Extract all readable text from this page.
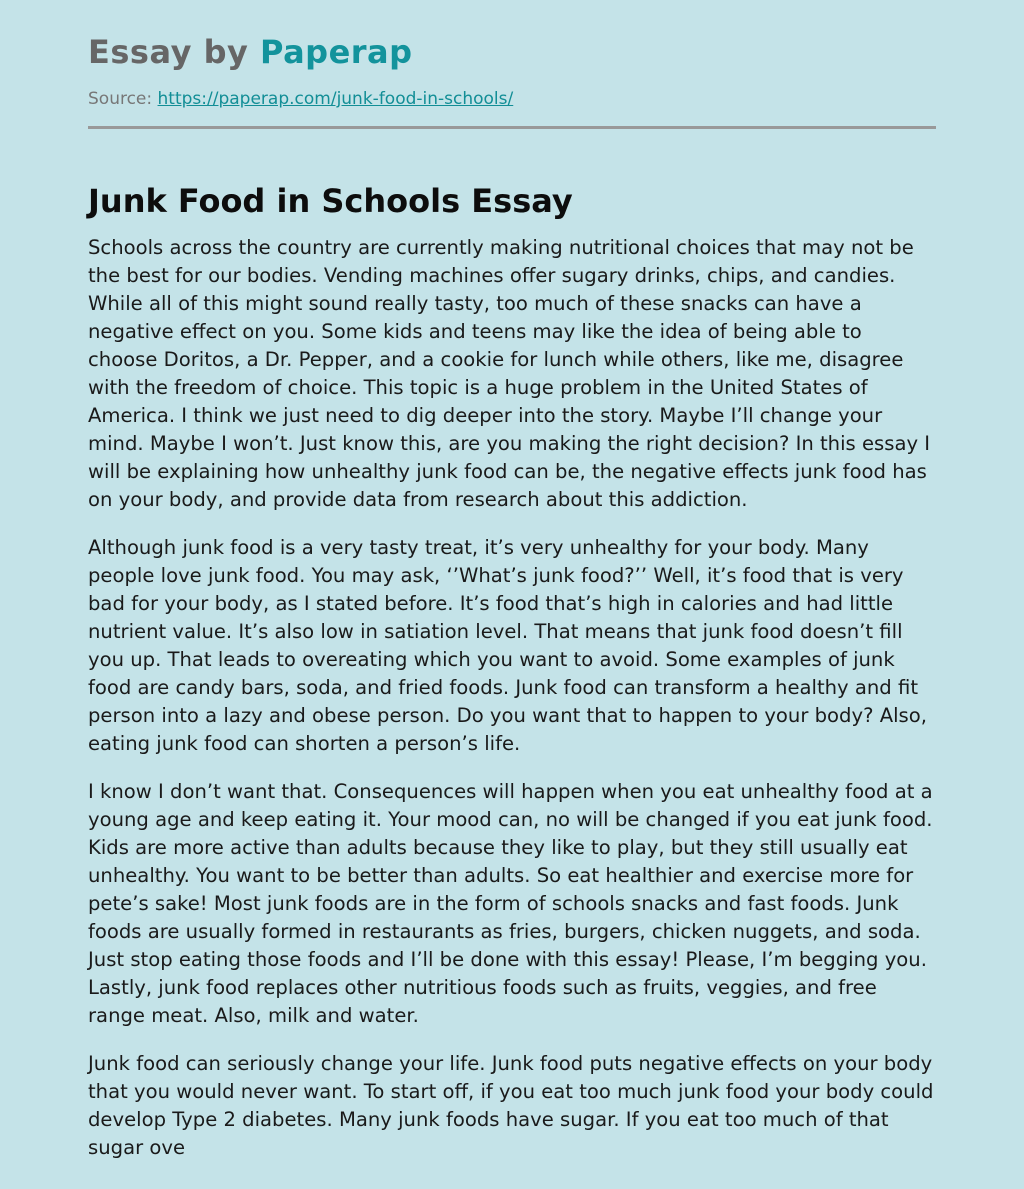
Essay by Paperap
Source: https://paperap.com/junk-food-in-schools/
Junk Food in Schools Essay

Schools across the country are currently making nutritional choices that may not be the best for our bodies. Vending machines offer sugary drinks, chips, and candies. While all of this might sound really tasty, too much of these snacks can have a negative effect on you. Some kids and teens may like the idea of being able to choose Doritos, a Dr. Pepper, and a cookie for lunch while others, like me, disagree with the freedom of choice. This topic is a huge problem in the United States of America. I think we just need to dig deeper into the story. Maybe I’ll change your mind. Maybe I won’t. Just know this, are you making the right decision? In this essay I will be explaining how unhealthy junk food can be, the negative effects junk food has on your body, and provide data from research about this addiction.

Although junk food is a very tasty treat, it’s very unhealthy for your body. Many people love junk food. You may ask, ‘’What’s junk food?’’ Well, it’s food that is very bad for your body, as I stated before. It’s food that’s high in calories and had little nutrient value. It’s also low in satiation level. That means that junk food doesn’t fill you up. That leads to overeating which you want to avoid. Some examples of junk food are candy bars, soda, and fried foods. Junk food can transform a healthy and fit person into a lazy and obese person. Do you want that to happen to your body? Also, eating junk food can shorten a person’s life.

I know I don’t want that. Consequences will happen when you eat unhealthy food at a young age and keep eating it. Your mood can, no will be changed if you eat junk food. Kids are more active than adults because they like to play, but they still usually eat unhealthy. You want to be better than adults. So eat healthier and exercise more for pete’s sake! Most junk foods are in the form of schools snacks and fast foods. Junk foods are usually formed in restaurants as fries, burgers, chicken nuggets, and soda. Just stop eating those foods and I’ll be done with this essay! Please, I’m begging you. Lastly, junk food replaces other nutritious foods such as fruits, veggies, and free range meat. Also, milk and water.

Junk food can seriously change your life. Junk food puts negative effects on your body that you would never want. To start off, if you eat too much junk food your body could develop Type 2 diabetes. Many junk foods have sugar. If you eat too much of that sugar ove
